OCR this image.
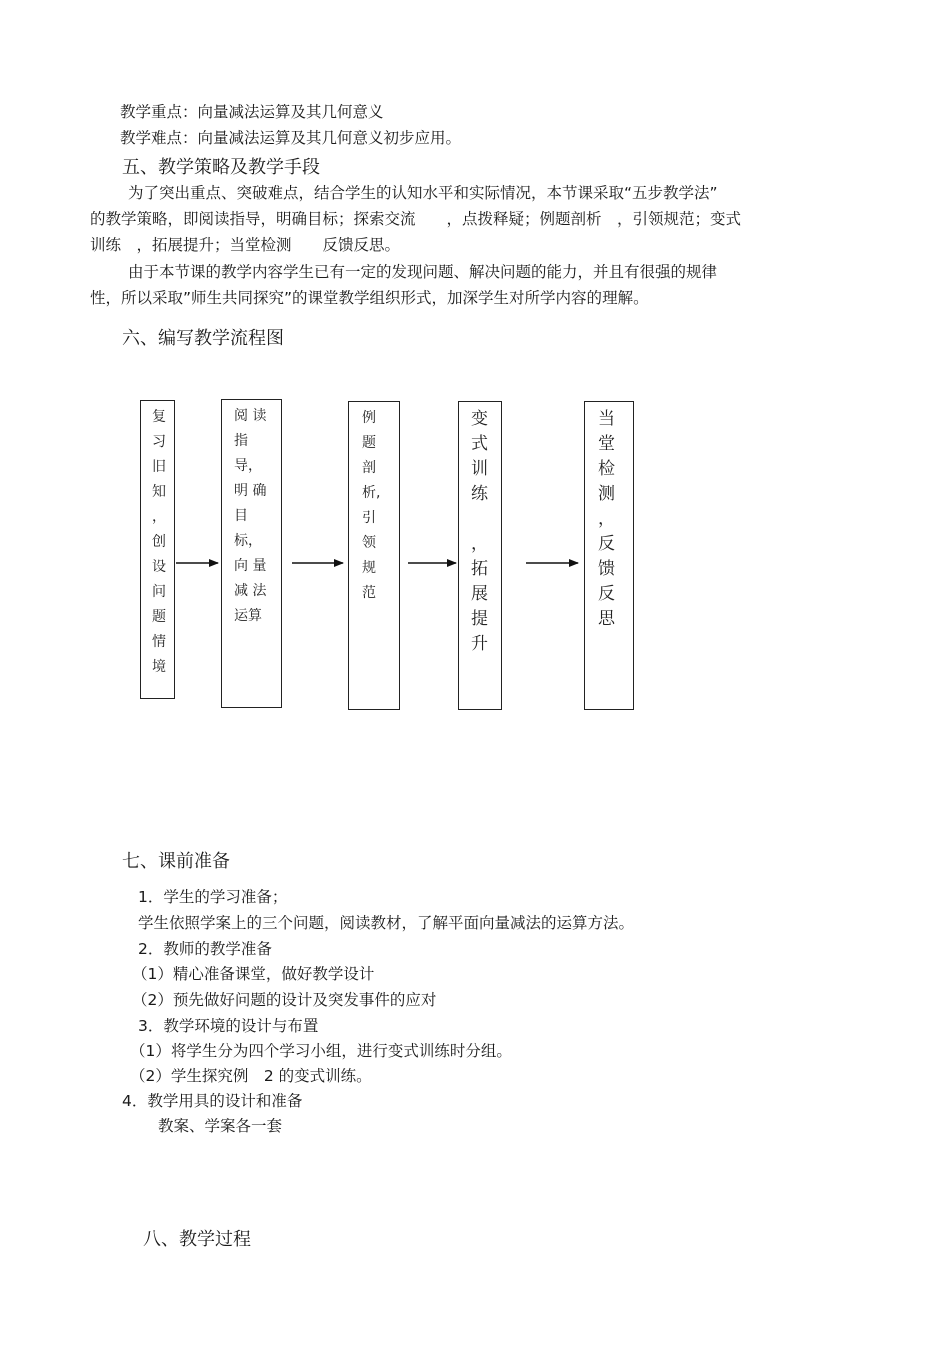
教学重点：向量减法运算及其几何意义
教学难点：向量减法运算及其几何意义初步应用。
五、教学策略及教学手段
为了突出重点、突破难点，结合学生的认知水平和实际情况，本节课采取“五步教学法”
的教学策略，即阅读指导，明确目标；探索交流　　，点拨释疑；例题剖析　，引领规范；变式
训练　，拓展提升；当堂检测　　反馈反思。
由于本节课的教学内容学生已有一定的发现问题、解决问题的能力，并且有很强的规律
性，所以采取”师生共同探究”的课堂教学组织形式，加深学生对所学内容的理解。
六、编写教学流程图
复
习
旧
知
，
创
设
问
题
情
境
阅 读
指
导，
明 确
目
标，
向 量
减 法
运算
例
题
剖
析,
引
领
规
范
变
式
训
练

，
拓
展
提
升
当
堂
检
测
，
反
馈
反
思
七、课前准备
1．学生的学习准备；
学生依照学案上的三个问题，阅读教材，了解平面向量减法的运算方法。
2．教师的教学准备
（1）精心准备课堂，做好教学设计
（2）预先做好问题的设计及突发事件的应对
3．教学环境的设计与布置
（1）将学生分为四个学习小组，进行变式训练时分组。
（2）学生探究例　2 的变式训练。
4．教学用具的设计和准备
教案、学案各一套
八、教学过程
